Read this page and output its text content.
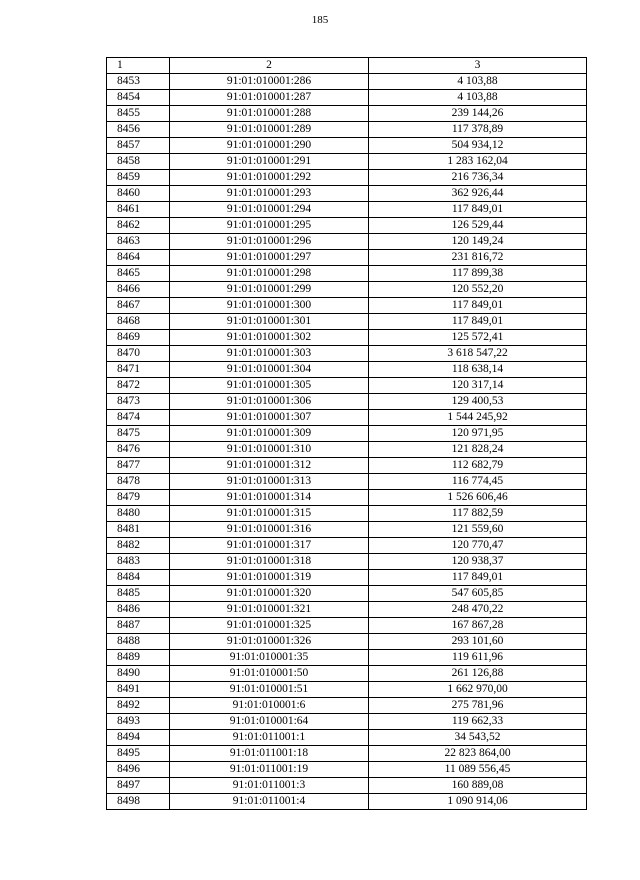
185
1	2	3
8453	91:01:010001:286	4 103,88
8454	91:01:010001:287	4 103,88
8455	91:01:010001:288	239 144,26
8456	91:01:010001:289	117 378,89
8457	91:01:010001:290	504 934,12
8458	91:01:010001:291	1 283 162,04
8459	91:01:010001:292	216 736,34
8460	91:01:010001:293	362 926,44
8461	91:01:010001:294	117 849,01
8462	91:01:010001:295	126 529,44
8463	91:01:010001:296	120 149,24
8464	91:01:010001:297	231 816,72
8465	91:01:010001:298	117 899,38
8466	91:01:010001:299	120 552,20
8467	91:01:010001:300	117 849,01
8468	91:01:010001:301	117 849,01
8469	91:01:010001:302	125 572,41
8470	91:01:010001:303	3 618 547,22
8471	91:01:010001:304	118 638,14
8472	91:01:010001:305	120 317,14
8473	91:01:010001:306	129 400,53
8474	91:01:010001:307	1 544 245,92
8475	91:01:010001:309	120 971,95
8476	91:01:010001:310	121 828,24
8477	91:01:010001:312	112 682,79
8478	91:01:010001:313	116 774,45
8479	91:01:010001:314	1 526 606,46
8480	91:01:010001:315	117 882,59
8481	91:01:010001:316	121 559,60
8482	91:01:010001:317	120 770,47
8483	91:01:010001:318	120 938,37
8484	91:01:010001:319	117 849,01
8485	91:01:010001:320	547 605,85
8486	91:01:010001:321	248 470,22
8487	91:01:010001:325	167 867,28
8488	91:01:010001:326	293 101,60
8489	91:01:010001:35	119 611,96
8490	91:01:010001:50	261 126,88
8491	91:01:010001:51	1 662 970,00
8492	91:01:010001:6	275 781,96
8493	91:01:010001:64	119 662,33
8494	91:01:011001:1	34 543,52
8495	91:01:011001:18	22 823 864,00
8496	91:01:011001:19	11 089 556,45
8497	91:01:011001:3	160 889,08
8498	91:01:011001:4	1 090 914,06
